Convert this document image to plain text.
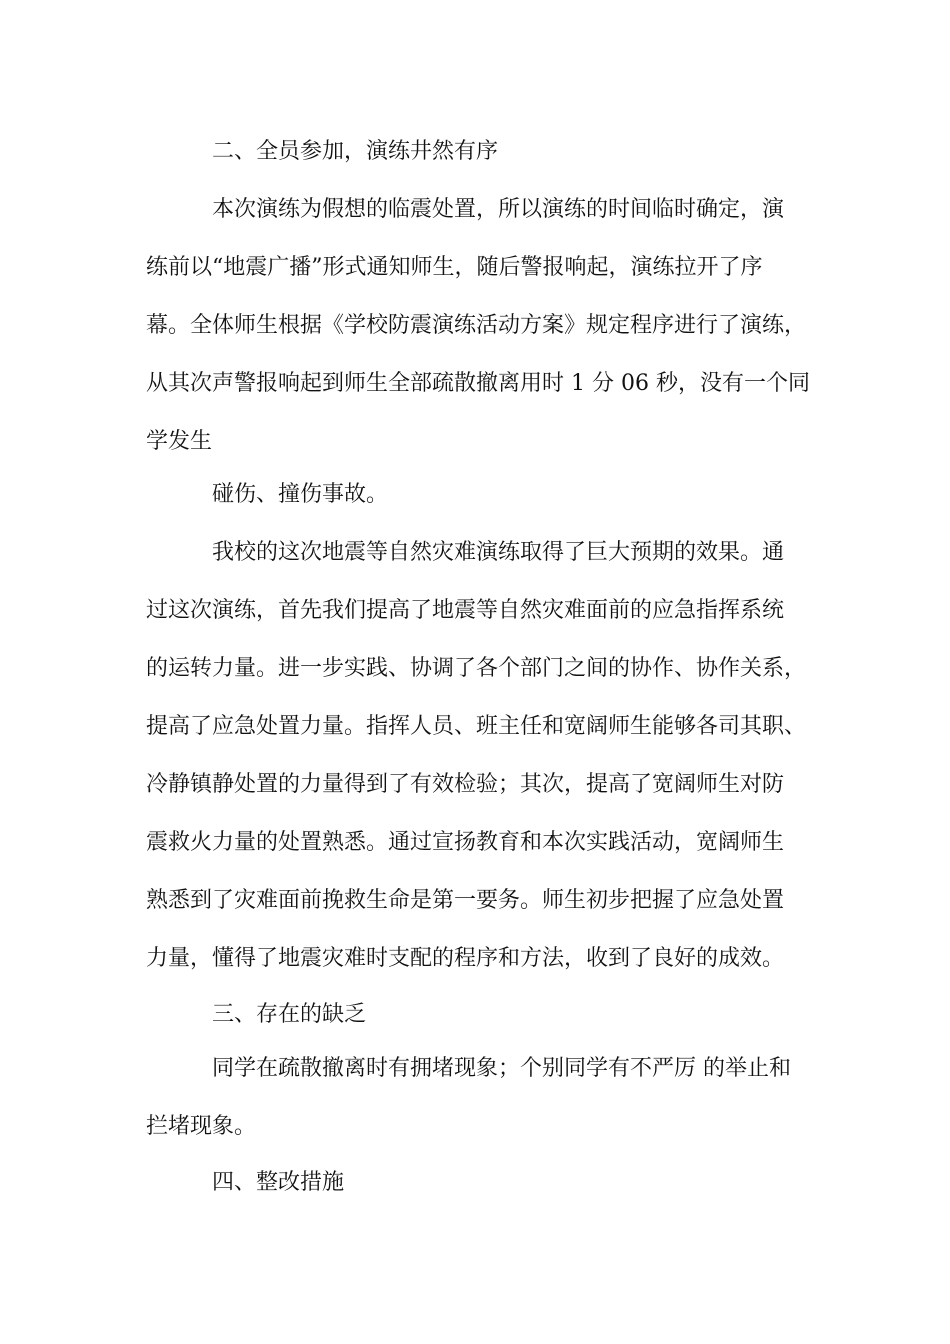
二、全员参加，演练井然有序

本次演练为假想的临震处置，所以演练的时间临时确定，演

练前以“地震广播”形式通知师生，随后警报响起，演练拉开了序

幕。全体师生根据《学校防震演练活动方案》规定程序进行了演练，

从其次声警报响起到师生全部疏散撤离用时 1 分 06 秒，没有一个同

学发生

碰伤、撞伤事故。

我校的这次地震等自然灾难演练取得了巨大预期的效果。通

过这次演练，首先我们提高了地震等自然灾难面前的应急指挥系统

的运转力量。进一步实践、协调了各个部门之间的协作、协作关系，

提高了应急处置力量。指挥人员、班主任和宽阔师生能够各司其职、

冷静镇静处置的力量得到了有效检验；其次，提高了宽阔师生对防

震救火力量的处置熟悉。通过宣扬教育和本次实践活动，宽阔师生

熟悉到了灾难面前挽救生命是第一要务。师生初步把握了应急处置

力量，懂得了地震灾难时支配的程序和方法，收到了良好的成效。

三、存在的缺乏

同学在疏散撤离时有拥堵现象；个别同学有不严厉 的举止和

拦堵现象。

四、整改措施
